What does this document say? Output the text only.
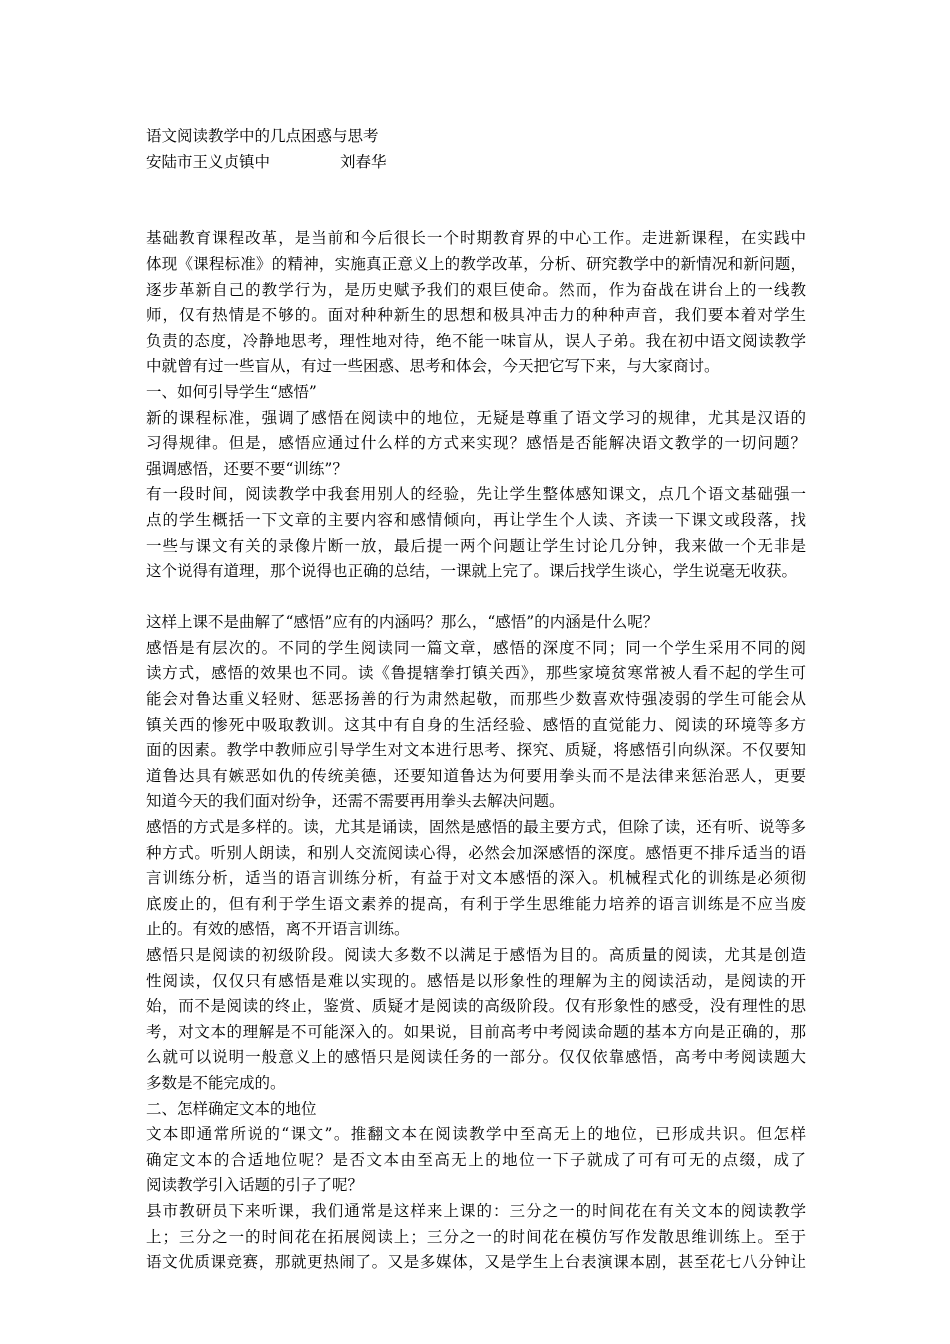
语文阅读教学中的几点困惑与思考
安陆市王义贞镇中	刘春华
基础教育课程改革，是当前和今后很长一个时期教育界的中心工作。走进新课程，在实践中
体现《课程标准》的精神，实施真正意义上的教学改革，分析、研究教学中的新情况和新问题，
逐步革新自己的教学行为，是历史赋予我们的艰巨使命。然而，作为奋战在讲台上的一线教
师，仅有热情是不够的。面对种种新生的思想和极具冲击力的种种声音，我们要本着对学生
负责的态度，冷静地思考，理性地对待，绝不能一味盲从，误人子弟。我在初中语文阅读教学
中就曾有过一些盲从，有过一些困惑、思考和体会，今天把它写下来，与大家商讨。
一、如何引导学生“感悟”
新的课程标准，强调了感悟在阅读中的地位，无疑是尊重了语文学习的规律，尤其是汉语的
习得规律。但是，感悟应通过什么样的方式来实现？感悟是否能解决语文教学的一切问题？
强调感悟，还要不要“训练”？
有一段时间，阅读教学中我套用别人的经验，先让学生整体感知课文，点几个语文基础强一
点的学生概括一下文章的主要内容和感情倾向，再让学生个人读、齐读一下课文或段落，找
一些与课文有关的录像片断一放，最后提一两个问题让学生讨论几分钟，我来做一个无非是
这个说得有道理，那个说得也正确的总结，一课就上完了。课后找学生谈心，学生说毫无收获。
这样上课不是曲解了“感悟”应有的内涵吗？那么，“感悟”的内涵是什么呢？
感悟是有层次的。不同的学生阅读同一篇文章，感悟的深度不同；同一个学生采用不同的阅
读方式，感悟的效果也不同。读《鲁提辖拳打镇关西》，那些家境贫寒常被人看不起的学生可
能会对鲁达重义轻财、惩恶扬善的行为肃然起敬，而那些少数喜欢恃强凌弱的学生可能会从
镇关西的惨死中吸取教训。这其中有自身的生活经验、感悟的直觉能力、阅读的环境等多方
面的因素。教学中教师应引导学生对文本进行思考、探究、质疑，将感悟引向纵深。不仅要知
道鲁达具有嫉恶如仇的传统美德，还要知道鲁达为何要用拳头而不是法律来惩治恶人，更要
知道今天的我们面对纷争，还需不需要再用拳头去解决问题。
感悟的方式是多样的。读，尤其是诵读，固然是感悟的最主要方式，但除了读，还有听、说等多
种方式。听别人朗读，和别人交流阅读心得，必然会加深感悟的深度。感悟更不排斥适当的语
言训练分析，适当的语言训练分析，有益于对文本感悟的深入。机械程式化的训练是必须彻
底废止的，但有利于学生语文素养的提高，有利于学生思维能力培养的语言训练是不应当废
止的。有效的感悟，离不开语言训练。
感悟只是阅读的初级阶段。阅读大多数不以满足于感悟为目的。高质量的阅读，尤其是创造
性阅读，仅仅只有感悟是难以实现的。感悟是以形象性的理解为主的阅读活动，是阅读的开
始，而不是阅读的终止，鉴赏、质疑才是阅读的高级阶段。仅有形象性的感受，没有理性的思
考，对文本的理解是不可能深入的。如果说，目前高考中考阅读命题的基本方向是正确的，那
么就可以说明一般意义上的感悟只是阅读任务的一部分。仅仅依靠感悟，高考中考阅读题大
多数是不能完成的。
二、怎样确定文本的地位
文本即通常所说的“课文”。推翻文本在阅读教学中至高无上的地位，已形成共识。但怎样
确定文本的合适地位呢？是否文本由至高无上的地位一下子就成了可有可无的点缀，成了
阅读教学引入话题的引子了呢？
县市教研员下来听课，我们通常是这样来上课的：三分之一的时间花在有关文本的阅读教学
上；三分之一的时间花在拓展阅读上；三分之一的时间花在模仿写作发散思维训练上。至于
语文优质课竞赛，那就更热闹了。又是多媒体，又是学生上台表演课本剧，甚至花七八分钟让
